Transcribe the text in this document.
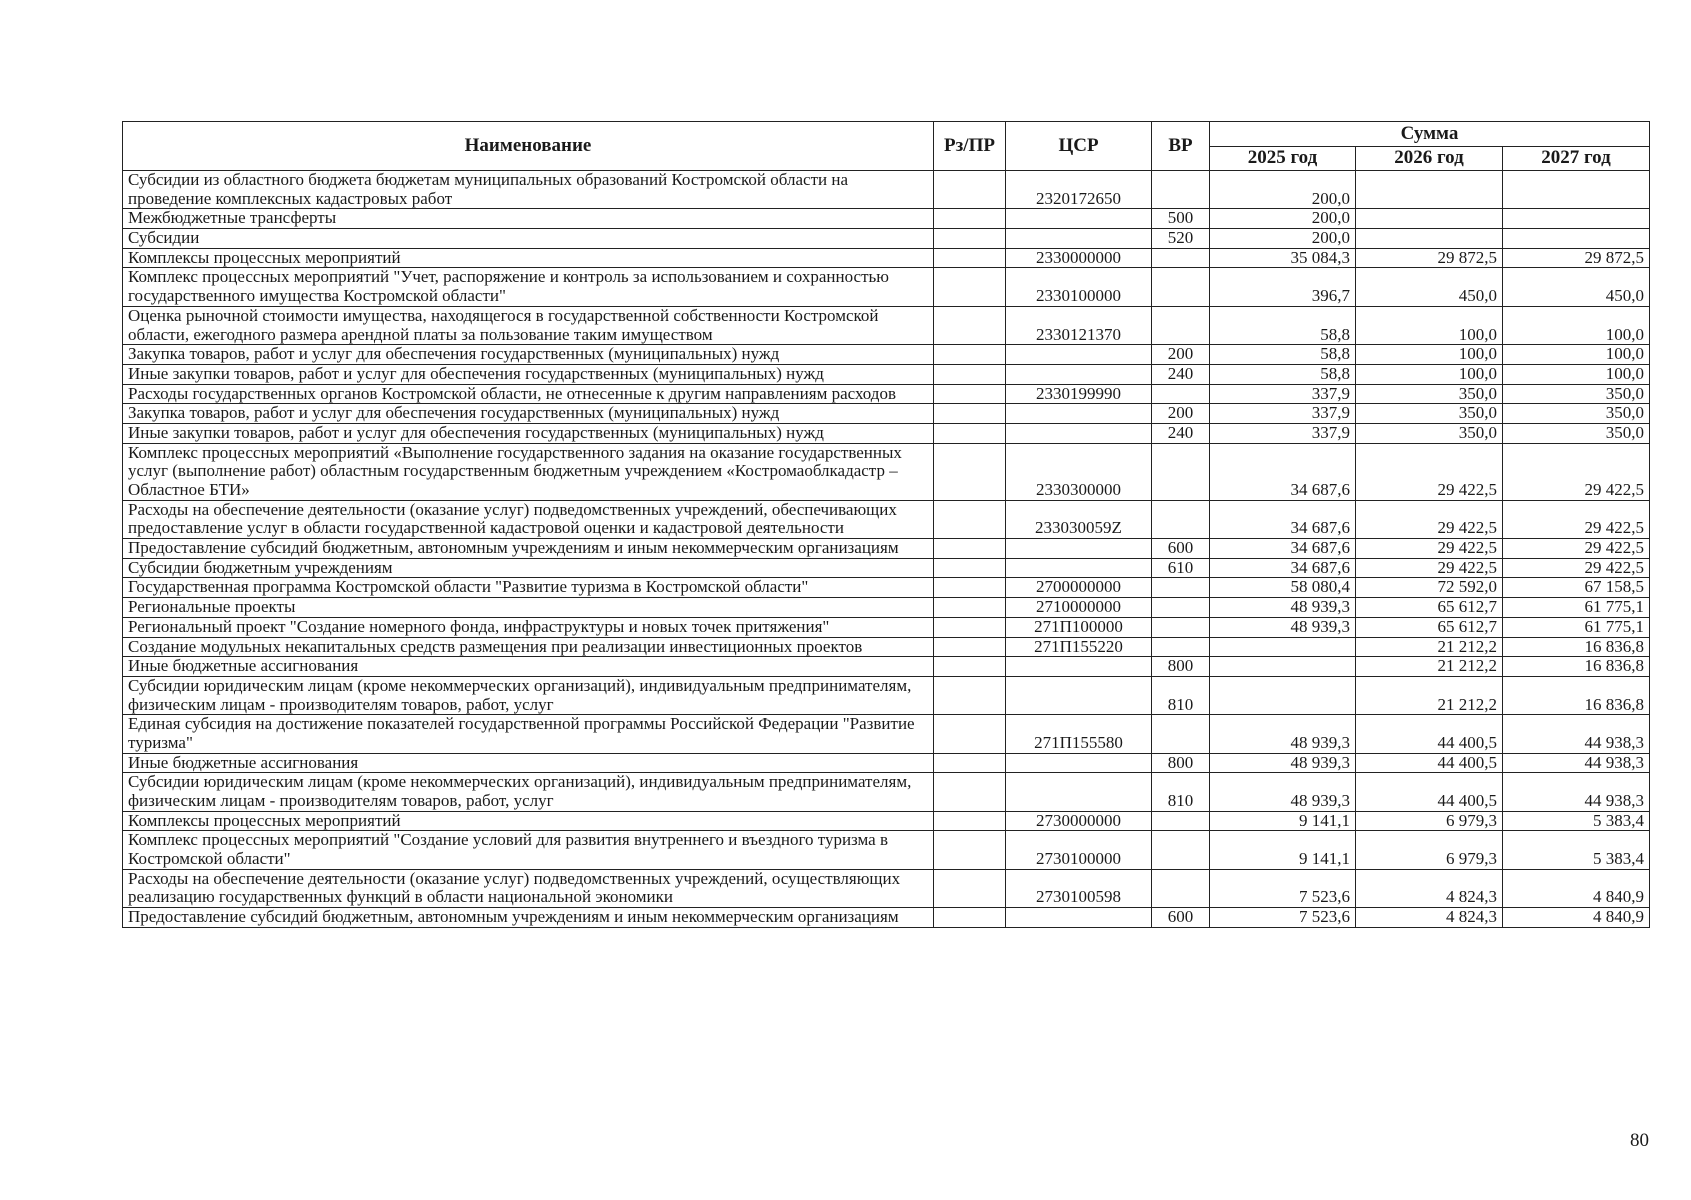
Наименование	Рз/ПР	ЦСР	ВР	Сумма		
				2025 год	2026 год	2027 год
Субсидии из областного бюджета бюджетам муниципальных образований Костромской области на проведение комплексных кадастровых работ		2320172650		200,0		
Межбюджетные трансферты			500	200,0		
Субсидии			520	200,0		
Комплексы процессных мероприятий		2330000000		35 084,3	29 872,5	29 872,5
Комплекс процессных мероприятий "Учет, распоряжение и контроль за использованием и сохранностью государственного имущества Костромской области"		2330100000		396,7	450,0	450,0
Оценка рыночной стоимости имущества, находящегося в государственной собственности Костромской области, ежегодного размера арендной платы за пользование таким имуществом		2330121370		58,8	100,0	100,0
Закупка товаров, работ и услуг для обеспечения государственных (муниципальных) нужд			200	58,8	100,0	100,0
Иные закупки товаров, работ и услуг для обеспечения государственных (муниципальных) нужд			240	58,8	100,0	100,0
Расходы государственных органов Костромской области, не отнесенные к другим направлениям расходов		2330199990		337,9	350,0	350,0
Закупка товаров, работ и услуг для обеспечения государственных (муниципальных) нужд			200	337,9	350,0	350,0
Иные закупки товаров, работ и услуг для обеспечения государственных (муниципальных) нужд			240	337,9	350,0	350,0
Комплекс процессных мероприятий «Выполнение государственного задания на оказание государственных услуг (выполнение работ) областным государственным бюджетным учреждением «Костромаоблкадастр – Областное БТИ»		2330300000		34 687,6	29 422,5	29 422,5
Расходы на обеспечение деятельности (оказание услуг) подведомственных учреждений, обеспечивающих предоставление услуг в области государственной кадастровой оценки и кадастровой деятельности		233030059Z		34 687,6	29 422,5	29 422,5
Предоставление субсидий бюджетным, автономным учреждениям и иным некоммерческим организациям			600	34 687,6	29 422,5	29 422,5
Субсидии бюджетным учреждениям			610	34 687,6	29 422,5	29 422,5
Государственная программа Костромской области "Развитие туризма в Костромской области"		2700000000		58 080,4	72 592,0	67 158,5
Региональные проекты		2710000000		48 939,3	65 612,7	61 775,1
Региональный проект "Создание номерного фонда, инфраструктуры и новых точек притяжения"		271П100000		48 939,3	65 612,7	61 775,1
Создание модульных некапитальных средств размещения при реализации инвестиционных проектов		271П155220			21 212,2	16 836,8
Иные бюджетные ассигнования			800		21 212,2	16 836,8
Субсидии юридическим лицам (кроме некоммерческих организаций), индивидуальным предпринимателям, физическим лицам - производителям товаров, работ, услуг			810		21 212,2	16 836,8
Единая субсидия на достижение показателей государственной программы Российской Федерации "Развитие туризма"		271П155580		48 939,3	44 400,5	44 938,3
Иные бюджетные ассигнования			800	48 939,3	44 400,5	44 938,3
Субсидии юридическим лицам (кроме некоммерческих организаций), индивидуальным предпринимателям, физическим лицам - производителям товаров, работ, услуг			810	48 939,3	44 400,5	44 938,3
Комплексы процессных мероприятий		2730000000		9 141,1	6 979,3	5 383,4
Комплекс процессных мероприятий "Создание условий для развития внутреннего и въездного туризма в Костромской области"		2730100000		9 141,1	6 979,3	5 383,4
Расходы на обеспечение деятельности (оказание услуг) подведомственных учреждений, осуществляющих реализацию государственных функций в области национальной экономики		2730100598		7 523,6	4 824,3	4 840,9
Предоставление субсидий бюджетным, автономным учреждениям и иным некоммерческим организациям			600	7 523,6	4 824,3	4 840,9
80
